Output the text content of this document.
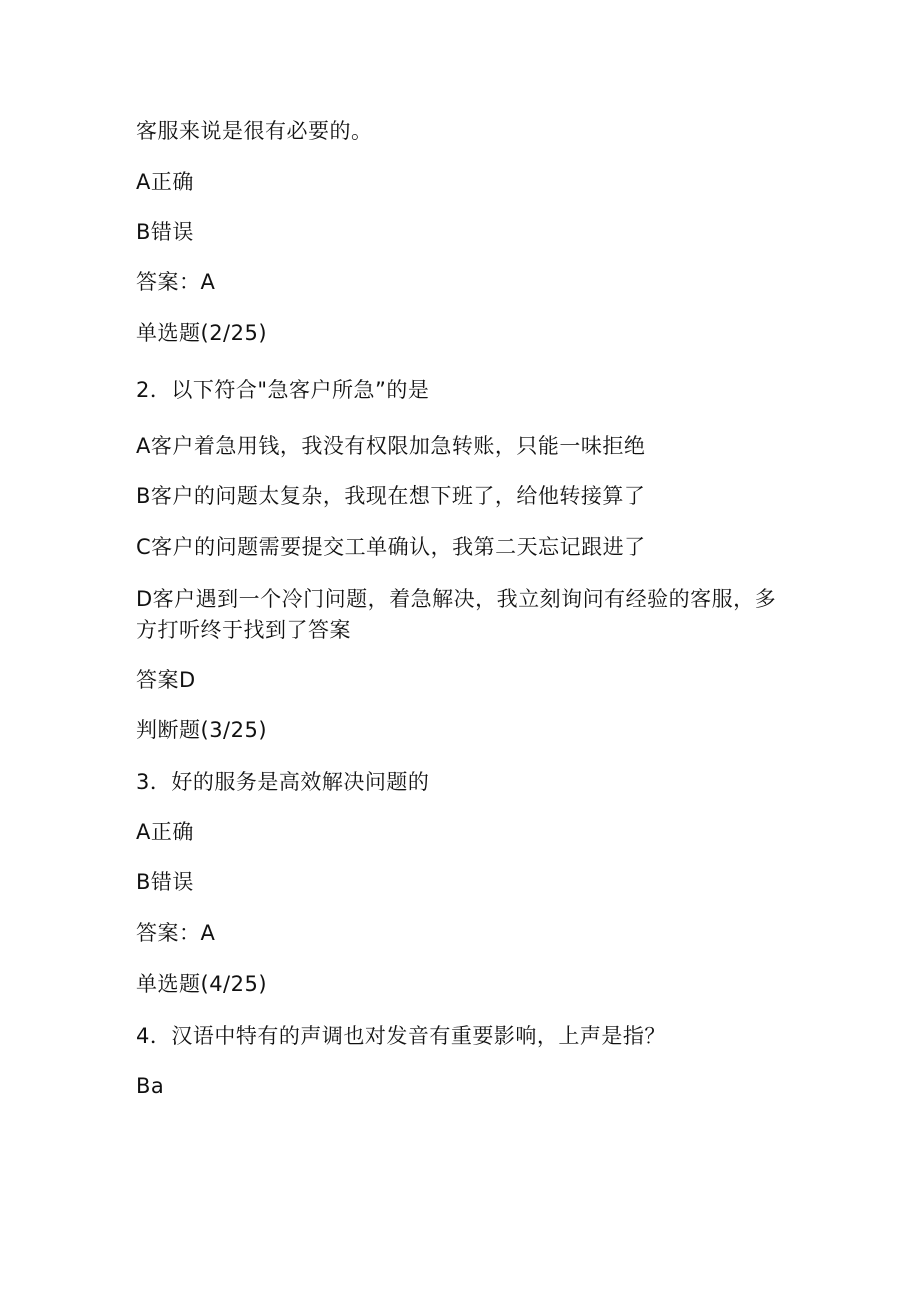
客服来说是很有必要的。
A正确
B错误
答案：A
单选题(2/25)
2．以下符合"急客户所急”的是
A客户着急用钱，我没有权限加急转账，只能一味拒绝
B客户的问题太复杂，我现在想下班了，给他转接算了
C客户的问题需要提交工单确认，我第二天忘记跟进了
D客户遇到一个冷门问题，着急解决，我立刻询问有经验的客服，多方打听终于找到了答案
答案D
判断题(3/25)
3．好的服务是高效解决问题的
A正确
B错误
答案：A
单选题(4/25)
4．汉语中特有的声调也对发音有重要影响，上声是指？
Ba
